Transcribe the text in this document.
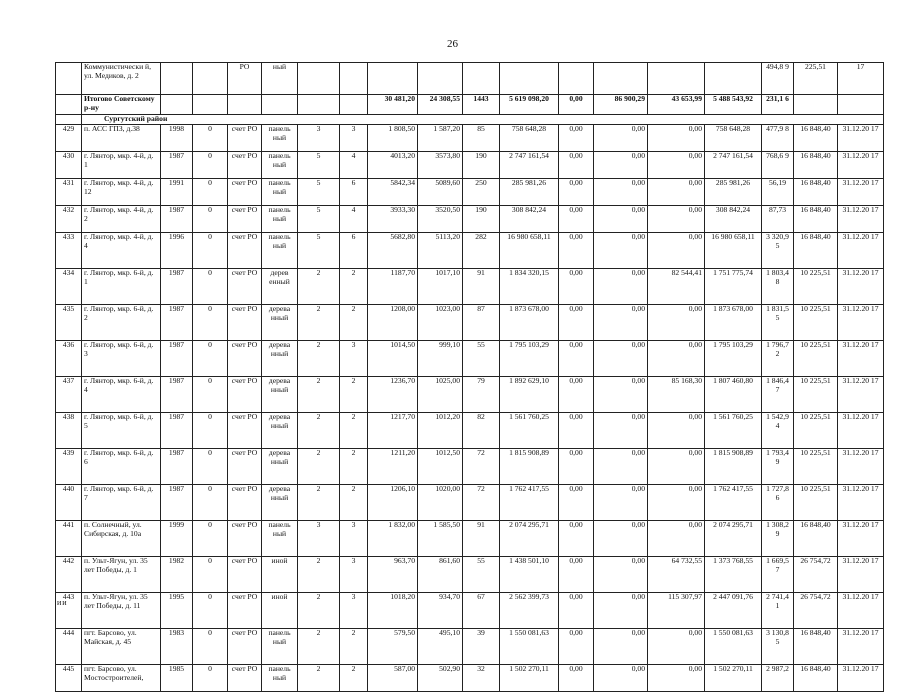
26
	Коммунистически й, ул. Медиков, д. 2			РО	ный											494,8 9	225,51	17
	Итогово Советскому р-ну							30 481,20	24 308,55	1443	5 619 098,20	0,00	86 900,29	43 653,99	5 488 543,92	231,1 6		
	Сургутский район																	
429	п. АСС ГПЗ, д.38	1998	0	счет РО	панель ный	3	3	1 808,50	1 587,20	85	758 648,28	0,00	0,00	0,00	758 648,28	477,9 8	16 848,40	31.12.20 17
430	г. Лянтор, мкр. 4-й, д. 1	1987	0	счет РО	панель ный	5	4	4013,20	3573,80	190	2 747 161,54	0,00	0,00	0,00	2 747 161,54	768,6 9	16 848,40	31.12.20 17
431	г. Лянтор, мкр. 4-й, д. 12	1991	0	счет РО	панель ный	5	6	5842,34	5089,60	250	285 981,26	0,00	0,00	0,00	285 981,26	56,19	16 848,40	31.12.20 17
432	г. Лянтор, мкр. 4-й, д. 2	1987	0	счет РО	панель ный	5	4	3933,30	3520,50	190	308 842,24	0,00	0,00	0,00	308 842,24	87,73	16 848,40	31.12.20 17
433	г. Лянтор, мкр. 4-й, д. 4	1996	0	счет РО	панель ный	5	6	5682,80	5113,20	282	16 980 658,11	0,00	0,00	0,00	16 980 658,11	3 320,9 5	16 848,40	31.12.20 17
434	г. Лянтор, мкр. 6-й, д. 1	1987	0	счет РО	дерев енный	2	2	1187,70	1017,10	91	1 834 320,15	0,00	0,00	82 544,41	1 751 775,74	1 803,4 8	10 225,51	31.12.20 17
435	г. Лянтор, мкр. 6-й, д. 2	1987	0	счет РО	дерева нный	2	2	1208,00	1023,00	87	1 873 678,00	0,00	0,00	0,00	1 873 678,00	1 831,5 5	10 225,51	31.12.20 17
436	г. Лянтор, мкр. 6-й, д. 3	1987	0	счет РО	дерева нный	2	3	1014,50	999,10	55	1 795 103,29	0,00	0,00	0,00	1 795 103,29	1 796,7 2	10 225,51	31.12.20 17
437	г. Лянтор, мкр. 6-й, д. 4	1987	0	счет РО	дерева нный	2	2	1236,70	1025,00	79	1 892 629,10	0,00	0,00	85 168,30	1 807 460,80	1 846,4 7	10 225,51	31.12.20 17
438	г. Лянтор, мкр. 6-й, д. 5	1987	0	счет РО	дерева нный	2	2	1217,70	1012,20	82	1 561 760,25	0,00	0,00	0,00	1 561 760,25	1 542,9 4	10 225,51	31.12.20 17
439	г. Лянтор, мкр. 6-й, д. 6	1987	0	счет РО	дерева нный	2	2	1211,20	1012,50	72	1 815 908,89	0,00	0,00	0,00	1 815 908,89	1 793,4 9	10 225,51	31.12.20 17
440	г. Лянтор, мкр. 6-й, д. 7	1987	0	счет РО	дерева нный	2	2	1206,10	1020,00	72	1 762 417,55	0,00	0,00	0,00	1 762 417,55	1 727,8 6	10 225,51	31.12.20 17
441	п. Солнечный, ул. Сибирская, д. 10а	1999	0	счет РО	панель ный	3	3	1 832,00	1 585,50	91	2 074 295,71	0,00	0,00	0,00	2 074 295,71	1 308,2 9	16 848,40	31.12.20 17
442	п. Ульт-Ягун, ул. 35 лет Победы, д. 1	1982	0	счет РО	иной	2	3	963,70	861,60	55	1 438 501,10	0,00	0,00	64 732,55	1 373 768,55	1 669,5 7	26 754,72	31.12.20 17
443	п. Ульт-Ягун, ул. 35 лет Победы, д. 11	1995	0	счет РО	иной	2	3	1018,20	934,70	67	2 562 399,73	0,00	0,00	115 307,97	2 447 091,76	2 741,4 1	26 754,72	31.12.20 17
444	пгт. Барсово, ул. Майская, д. 45	1983	0	счет РО	панель ный	2	2	579,50	495,10	39	1 550 081,63	0,00	0,00	0,00	1 550 081,63	3 130,8 5	16 848,40	31.12.20 17
445	пгт. Барсово, ул. Мостостроителей,	1985	0	счет РО	панель ный	2	2	587,00	502,90	32	1 502 270,11	0,00	0,00	0,00	1 502 270,11	2 987,2	16 848,40	31.12.20 17
ии
